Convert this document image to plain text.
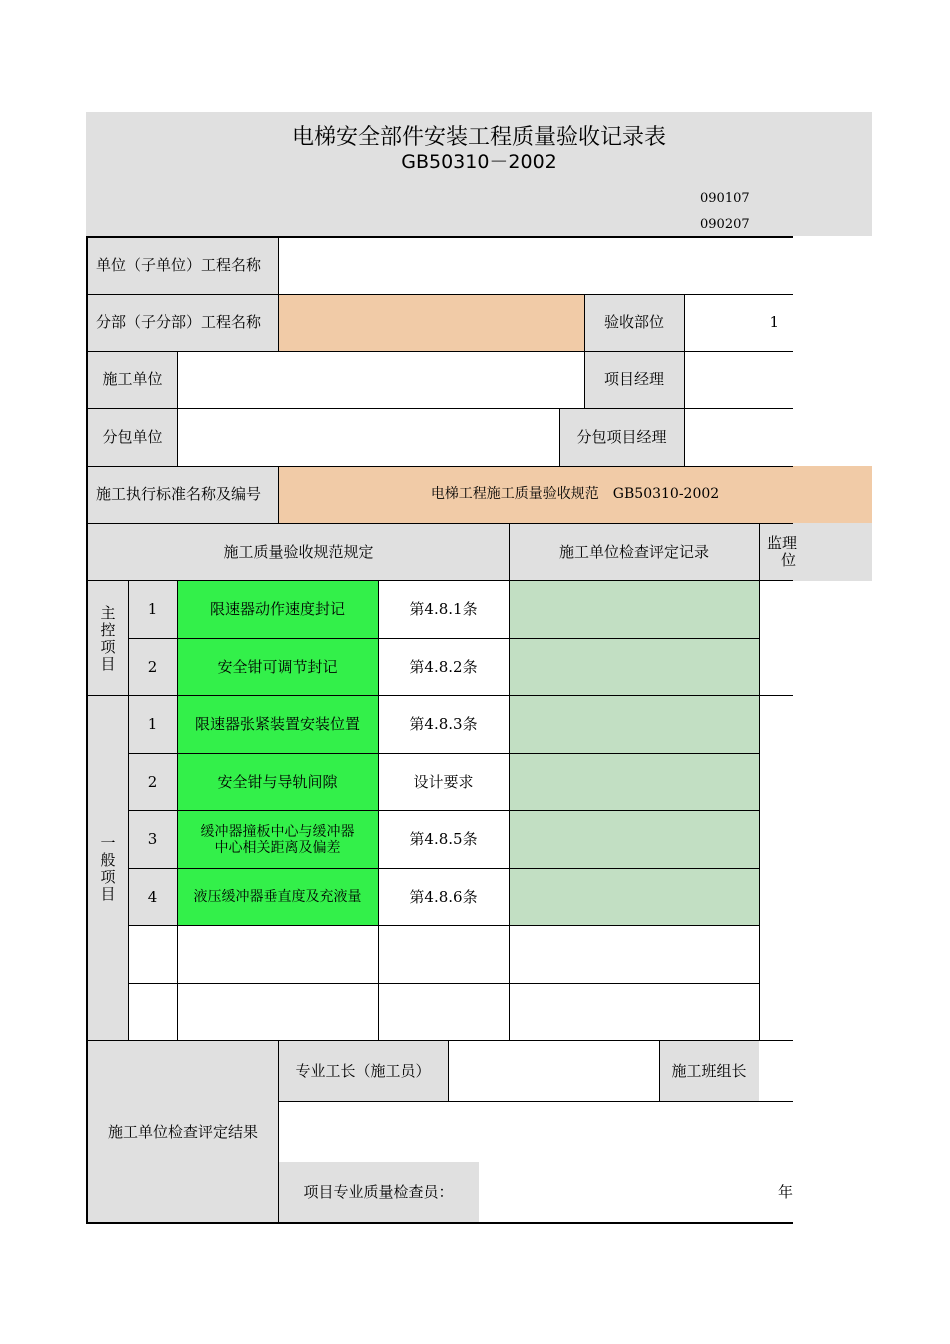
电梯安全部件安装工程质量验收记录表
GB50310－2002
090107
090207
单位（子单位）工程名称
分部（子分部）工程名称	验收部位	1
施工单位	项目经理
分包单位	分包项目经理
施工执行标准名称及编号	电梯工程施工质量验收规范　GB50310-2002
施工质量验收规范规定	施工单位检查评定记录	监理
位
主
控
项
目
1	限速器动作速度封记	第4.8.1条
2	安全钳可调节封记	第4.8.2条
一
般
项
目
1	限速器张紧装置安装位置	第4.8.3条
2	安全钳与导轨间隙	设计要求
3	缓冲器撞板中心与缓冲器
中心相关距离及偏差	第4.8.5条
4	液压缓冲器垂直度及充液量	第4.8.6条
施工单位检查评定结果
专业工长（施工员）	施工班组长
项目专业质量检查员：	年
